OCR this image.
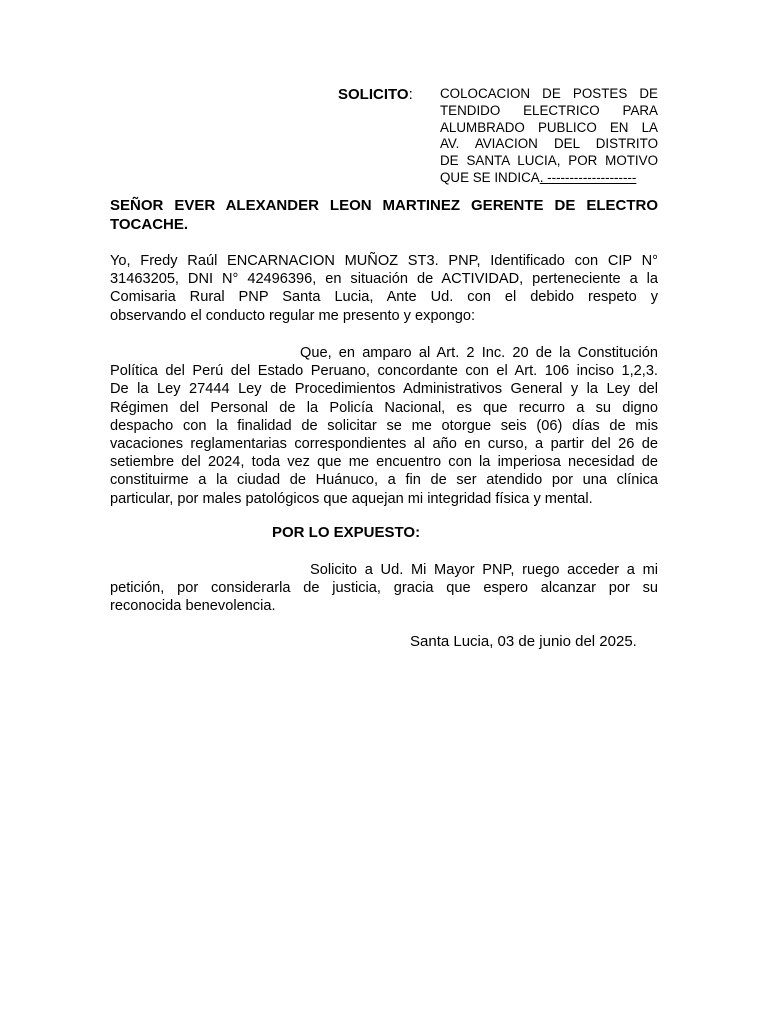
SOLICITO: COLOCACION DE POSTES DE
TENDIDO ELECTRICO PARA
ALUMBRADO PUBLICO EN LA
AV. AVIACION DEL DISTRITO
DE SANTA LUCIA, POR MOTIVO
QUE SE INDICA. --------------------
SEÑOR EVER ALEXANDER LEON MARTINEZ GERENTE DE ELECTRO
TOCACHE.
Yo, Fredy Raúl ENCARNACION MUÑOZ ST3. PNP, Identificado con CIP N°
31463205, DNI N° 42496396, en situación de ACTIVIDAD, perteneciente a la
Comisaria Rural PNP Santa Lucia, Ante Ud. con el debido respeto y
observando el conducto regular me presento y expongo:
Que, en amparo al Art. 2 Inc. 20 de la Constitución
Política del Perú del Estado Peruano, concordante con el Art. 106 inciso 1,2,3.
De la Ley 27444 Ley de Procedimientos Administrativos General y la Ley del
Régimen del Personal de la Policía Nacional, es que recurro a su digno
despacho con la finalidad de solicitar se me otorgue seis (06) días de mis
vacaciones reglamentarias correspondientes al año en curso, a partir del 26 de
setiembre del 2024, toda vez que me encuentro con la imperiosa necesidad de
constituirme a la ciudad de Huánuco, a fin de ser atendido por una clínica
particular, por males patológicos que aquejan mi integridad física y mental.
POR LO EXPUESTO:
Solicito a Ud. Mi Mayor PNP, ruego acceder a mi
petición, por considerarla de justicia, gracia que espero alcanzar por su
reconocida benevolencia.
Santa Lucia, 03 de junio del 2025.
